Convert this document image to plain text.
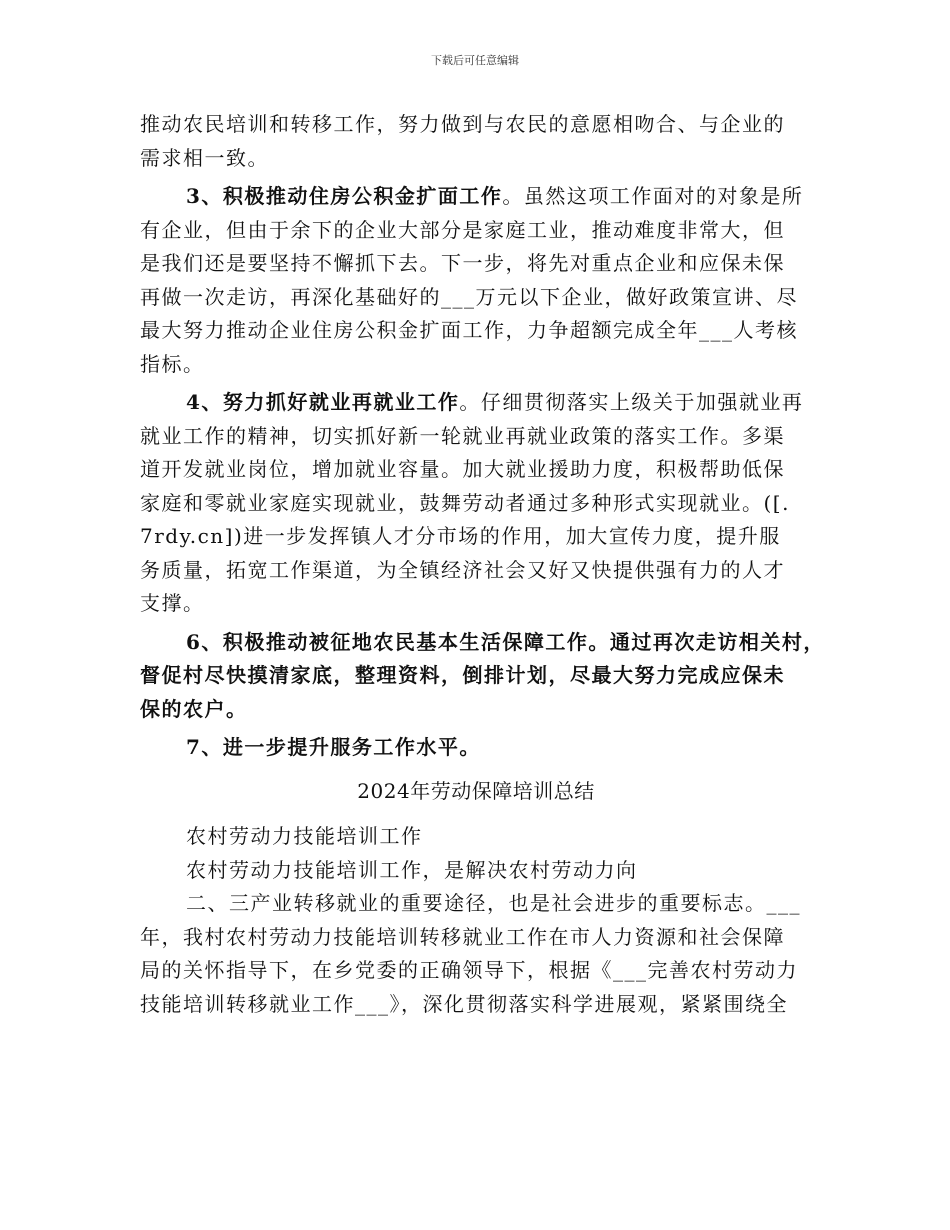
下载后可任意编辑
推动农民培训和转移工作，努力做到与农民的意愿相吻合、与企业的
需求相一致。
3、积极推动住房公积金扩面工作。虽然这项工作面对的对象是所
有企业，但由于余下的企业大部分是家庭工业，推动难度非常大，但
是我们还是要坚持不懈抓下去。下一步，将先对重点企业和应保未保
再做一次走访，再深化基础好的___万元以下企业，做好政策宣讲、尽
最大努力推动企业住房公积金扩面工作，力争超额完成全年___人考核
指标。
4、努力抓好就业再就业工作。仔细贯彻落实上级关于加强就业再
就业工作的精神，切实抓好新一轮就业再就业政策的落实工作。多渠
道开发就业岗位，增加就业容量。加大就业援助力度，积极帮助低保
家庭和零就业家庭实现就业，鼓舞劳动者通过多种形式实现就业。([.
7rdy.cn])进一步发挥镇人才分市场的作用，加大宣传力度，提升服
务质量，拓宽工作渠道，为全镇经济社会又好又快提供强有力的人才
支撑。
6、积极推动被征地农民基本生活保障工作。通过再次走访相关村，
督促村尽快摸清家底，整理资料，倒排计划，尽最大努力完成应保未
保的农户。
7、进一步提升服务工作水平。
2024年劳动保障培训总结
农村劳动力技能培训工作
农村劳动力技能培训工作，是解决农村劳动力向
二、三产业转移就业的重要途径，也是社会进步的重要标志。___
年，我村农村劳动力技能培训转移就业工作在市人力资源和社会保障
局的关怀指导下，在乡党委的正确领导下，根据《___完善农村劳动力
技能培训转移就业工作___》，深化贯彻落实科学进展观，紧紧围绕全
